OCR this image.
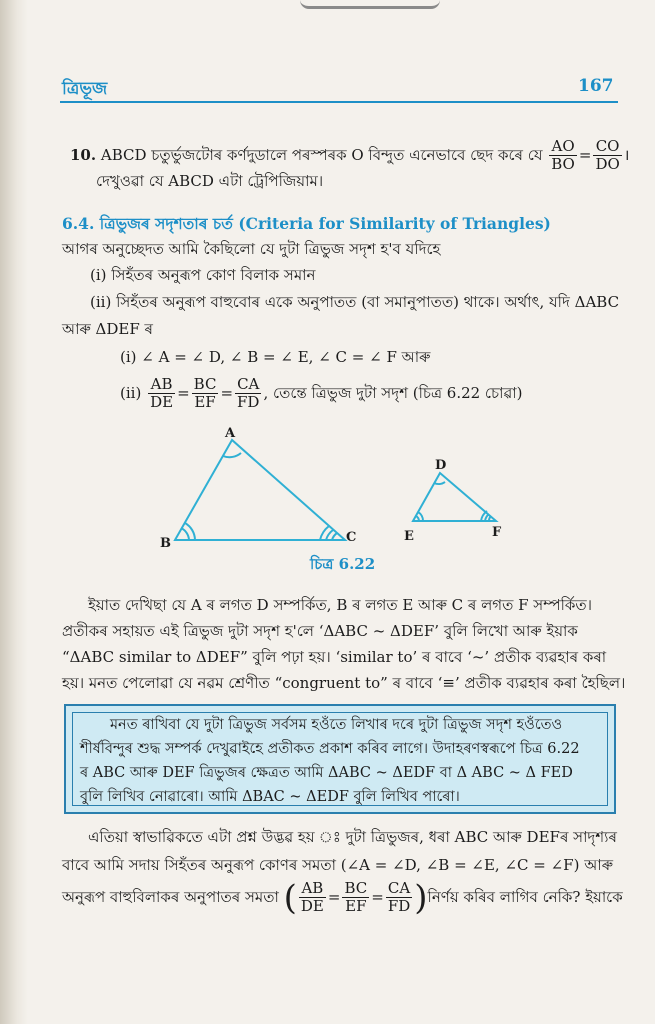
ত্ৰিভূজ	167
10. ABCD চতুৰ্ভুজটোৰ কৰ্ণদুডালে পৰস্পৰক O বিন্দুত এনেভাবে ছেদ কৰে যে $\frac{AO}{BO} = \frac{CO}{DO}$ ।
দেখুওৱা যে ABCD এটা ট্ৰেপিজিয়াম।
6.4. ত্ৰিভুজৰ সদৃশতাৰ চৰ্ত (Criteria for Similarity of Triangles)
আগৰ অনুচ্ছেদত আমি কৈছিলো যে দুটা ত্ৰিভুজ সদৃশ হ'ব যদিহে
(i) সিহঁতৰ অনুৰূপ কোণ বিলাক সমান
(ii) সিহঁতৰ অনুৰূপ বাহুবোৰ একে অনুপাতত (বা সমানুপাতত) থাকে। অৰ্থাৎ, যদি ΔABC
আৰু ΔDEF ৰ
(i) ∠ A = ∠ D, ∠ B = ∠ E, ∠ C = ∠ F আৰু
$(ii) \frac{AB}{DE} = \frac{BC}{EF} = \frac{CA}{FD}$ , তেন্তে ত্ৰিভুজ দুটা সদৃশ (চিত্ৰ 6.22 চোৱা)
A
B	C
D
E	F
চিত্ৰ 6.22
ইয়াত দেখিছা যে A ৰ লগত D সম্পৰ্কিত, B ৰ লগত E আৰু C ৰ লগত F সম্পৰ্কিত।
প্ৰতীকৰ সহায়ত এই ত্ৰিভুজ দুটা সদৃশ হ'লে ‘ΔABC ~ ΔDEF’ বুলি লিখো আৰু ইয়াক
“ΔABC similar to ΔDEF” বুলি পঢ়া হয়। ‘similar to’ ৰ বাবে ‘~’ প্ৰতীক ব্যৱহাৰ কৰা
হয়। মনত পেলোৱা যে নৱম শ্ৰেণীত “congruent to” ৰ বাবে ‘≡’ প্ৰতীক ব্যৱহাৰ কৰা হৈছিল।
মনত ৰাখিবা যে দুটা ত্ৰিভুজ সৰ্বসম হওঁতে লিখাৰ দৰে দুটা ত্ৰিভুজ সদৃশ হওঁতেও
শীৰ্ষবিন্দুৰ শুদ্ধ সম্পৰ্ক দেখুৱাইহে প্ৰতীকত প্ৰকাশ কৰিব লাগে। উদাহৰণস্বৰূপে চিত্ৰ 6.22
ৰ ABC আৰু DEF ত্ৰিভুজৰ ক্ষেত্ৰত আমি ΔABC ~ ΔEDF বা Δ ABC ~ Δ FED
বুলি লিখিব নোৱাৰো। আমি ΔBAC ~ ΔEDF বুলি লিখিব পাৰো।
এতিয়া স্বাভাৱিকতে এটা প্ৰশ্ন উদ্ভৱ হয় ঃ দুটা ত্ৰিভুজৰ, ধৰা ABC আৰু DEFৰ সাদৃশ্যৰ
বাবে আমি সদায় সিহঁতৰ অনুৰূপ কোণৰ সমতা (∠A = ∠D, ∠B = ∠E, ∠C = ∠F) আৰু
অনুৰূপ বাহুবিলাকৰ অনুপাতৰ সমতা ( $\frac{AB}{DE} = \frac{BC}{EF} = \frac{CA}{FD}$ )নিৰ্ণয় কৰিব লাগিব নেকি? ইয়াকে
